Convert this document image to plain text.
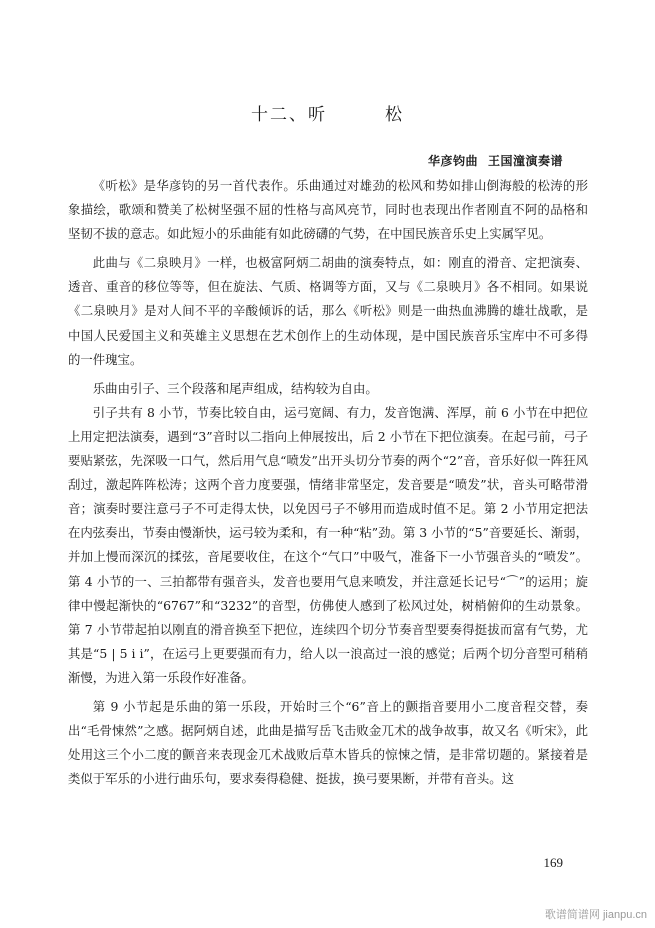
十二、听	松
华彦钧曲 王国潼演奏谱

《听松》是华彦钧的另一首代表作。乐曲通过对雄劲的松风和势如排山倒海般的松涛的形象描绘，歌颂和赞美了松树坚强不屈的性格与高风亮节，同时也表现出作者刚直不阿的品格和坚韧不拔的意志。如此短小的乐曲能有如此磅礴的气势，在中国民族音乐史上实属罕见。

此曲与《二泉映月》一样，也极富阿炳二胡曲的演奏特点，如：刚直的滑音、定把演奏、透音、重音的移位等等，但在旋法、气质、格调等方面，又与《二泉映月》各不相同。如果说《二泉映月》是对人间不平的辛酸倾诉的话，那么《听松》则是一曲热血沸腾的雄壮战歌，是中国人民爱国主义和英雄主义思想在艺术创作上的生动体现，是中国民族音乐宝库中不可多得的一件瑰宝。

乐曲由引子、三个段落和尾声组成，结构较为自由。

引子共有 8 小节，节奏比较自由，运弓宽阔、有力，发音饱满、浑厚，前 6 小节在中把位上用定把法演奏，遇到“3”音时以二指向上伸展按出，后 2 小节在下把位演奏。在起弓前，弓子要贴紧弦，先深吸一口气，然后用气息“喷发”出开头切分节奏的两个“2”音，音乐好似一阵狂风刮过，激起阵阵松涛；这两个音力度要强，情绪非常坚定，发音要是“喷发”状，音头可略带滑音；演奏时要注意弓子不可走得太快，以免因弓子不够用而造成时值不足。第 2 小节用定把法在内弦奏出，节奏由慢渐快，运弓较为柔和，有一种“粘”劲。第 3 小节的“5”音要延长、渐弱，并加上慢而深沉的揉弦，音尾要收住，在这个“气口”中吸气，准备下一小节强音头的“喷发”。第 4 小节的一、三拍都带有强音头，发音也要用气息来喷发，并注意延长记号“⌒”的运用；旋律中慢起渐快的“6767”和“3232”的音型，仿佛使人感到了松风过处，树梢俯仰的生动景象。第 7 小节带起拍以刚直的滑音换至下把位，连续四个切分节奏音型要奏得挺拔而富有气势，尤其是“5 | 5 i i”，在运弓上更要强而有力，给人以一浪高过一浪的感觉；后两个切分音型可稍稍渐慢，为进入第一乐段作好准备。

第 9 小节起是乐曲的第一乐段，开始时三个“6”音上的颤指音要用小二度音程交替，奏出“毛骨悚然”之感。据阿炳自述，此曲是描写岳飞击败金兀术的战争故事，故又名《听宋》，此处用这三个小二度的颤音来表现金兀术战败后草木皆兵的惊悚之情，是非常切题的。紧接着是类似于军乐的小进行曲乐句，要求奏得稳健、挺拔，换弓要果断，并带有音头。这

169
歌谱简谱网 jianpu.cn
